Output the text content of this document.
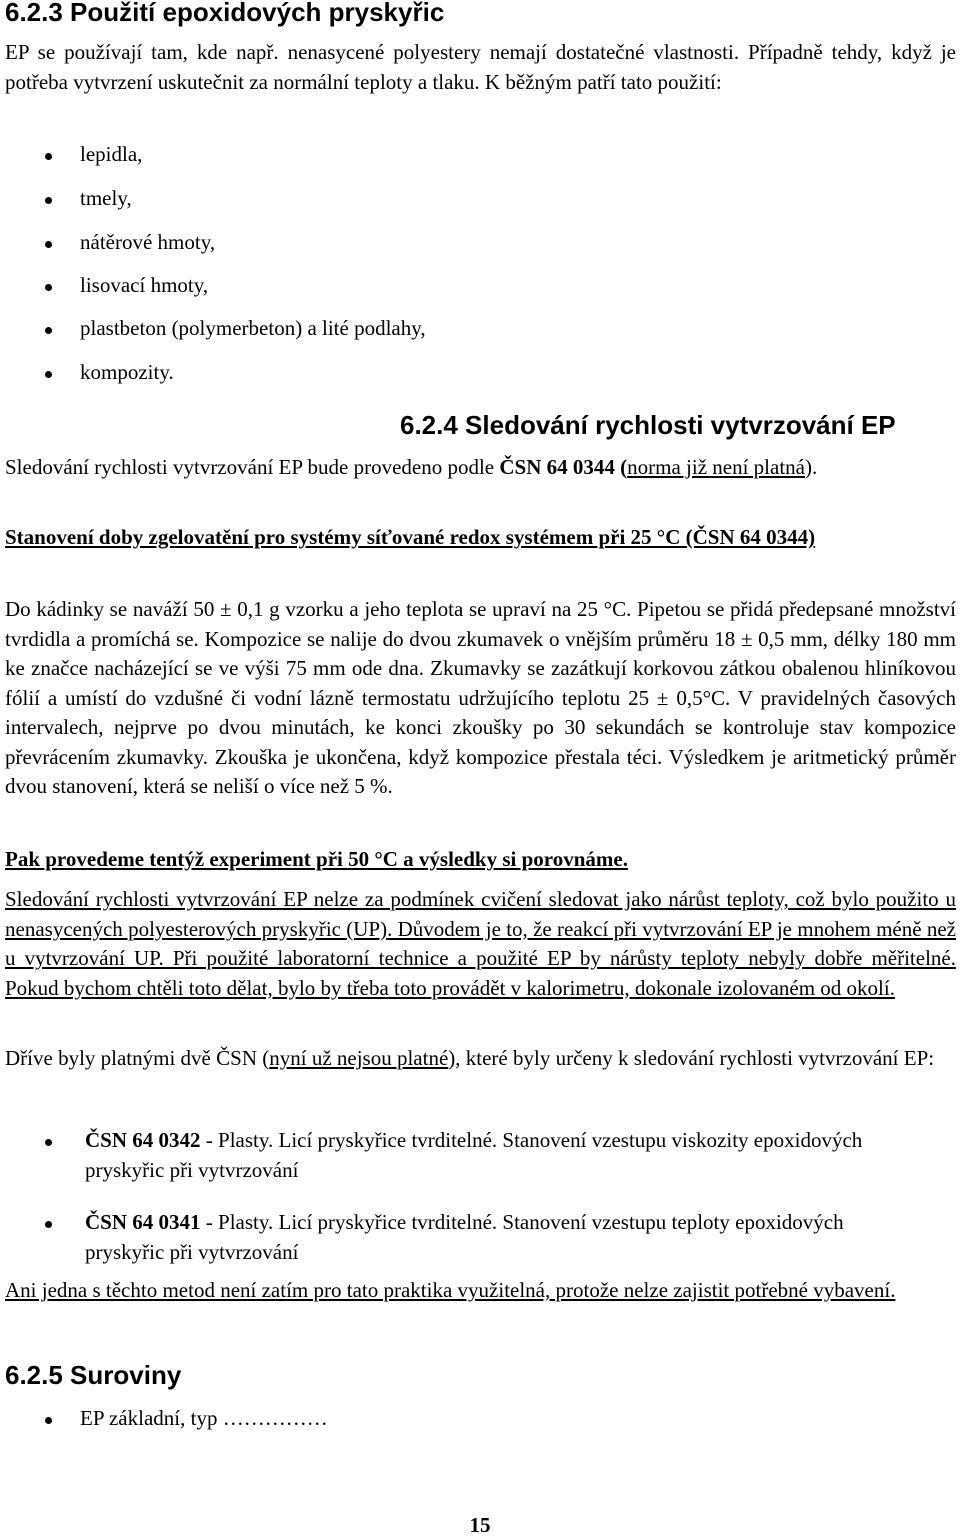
6.2.3 Použití epoxidových pryskyřic

EP se používají tam, kde např. nenasycené polyestery nemají dostatečné vlastnosti. Případně tehdy, když je potřeba vytvrzení uskutečnit za normální teploty a tlaku. K běžným patří tato použití:

lepidla,
tmely,
nátěrové hmoty,
lisovací hmoty,
plastbeton (polymerbeton) a lité podlahy,
kompozity.
6.2.4 Sledování rychlosti vytvrzování EP

Sledování rychlosti vytvrzování EP bude provedeno podle ČSN 64 0344 (norma již není platná).

Stanovení doby zgelovatění pro systémy síťované redox systémem při 25 °C (ČSN 64 0344)

Do kádinky se naváží 50 ± 0,1 g vzorku a jeho teplota se upraví na 25 °C. Pipetou se přidá předepsané množství tvrdidla a promíchá se. Kompozice se nalije do dvou zkumavek o vnějším průměru 18 ± 0,5 mm, délky 180 mm ke značce nacházející se ve výši 75 mm ode dna. Zkumavky se zazátkují korkovou zátkou obalenou hliníkovou fólií a umístí do vzdušné či vodní lázně termostatu udržujícího teplotu 25 ± 0,5°C. V pravidelných časových intervalech, nejprve po dvou minutách, ke konci zkoušky po 30 sekundách se kontroluje stav kompozice převrácením zkumavky. Zkouška je ukončena, když kompozice přestala téci. Výsledkem je aritmetický průměr dvou stanovení, která se neliší o více než 5 %.

Pak provedeme tentýž experiment při 50 °C a výsledky si porovnáme.

Sledování rychlosti vytvrzování EP nelze za podmínek cvičení sledovat jako nárůst teploty, což bylo použito u nenasycených polyesterových pryskyřic (UP). Důvodem je to, že reakcí při vytvrzování EP je mnohem méně než u vytvrzování UP. Při použité laboratorní technice a použité EP by nárůsty teploty nebyly dobře měřitelné. Pokud bychom chtěli toto dělat, bylo by třeba toto provádět v kalorimetru, dokonale izolovaném od okolí.

Dříve byly platnými dvě ČSN (nyní už nejsou platné), které byly určeny k sledování rychlosti vytvrzování EP:

ČSN 64 0342 - Plasty. Licí pryskyřice tvrditelné. Stanovení vzestupu viskozity epoxidových pryskyřic při vytvrzování
ČSN 64 0341 - Plasty. Licí pryskyřice tvrditelné. Stanovení vzestupu teploty epoxidových pryskyřic při vytvrzování

Ani jedna s těchto metod není zatím pro tato praktika využitelná, protože nelze zajistit potřebné vybavení.

6.2.5 Suroviny
EP základní, typ ……………
15
